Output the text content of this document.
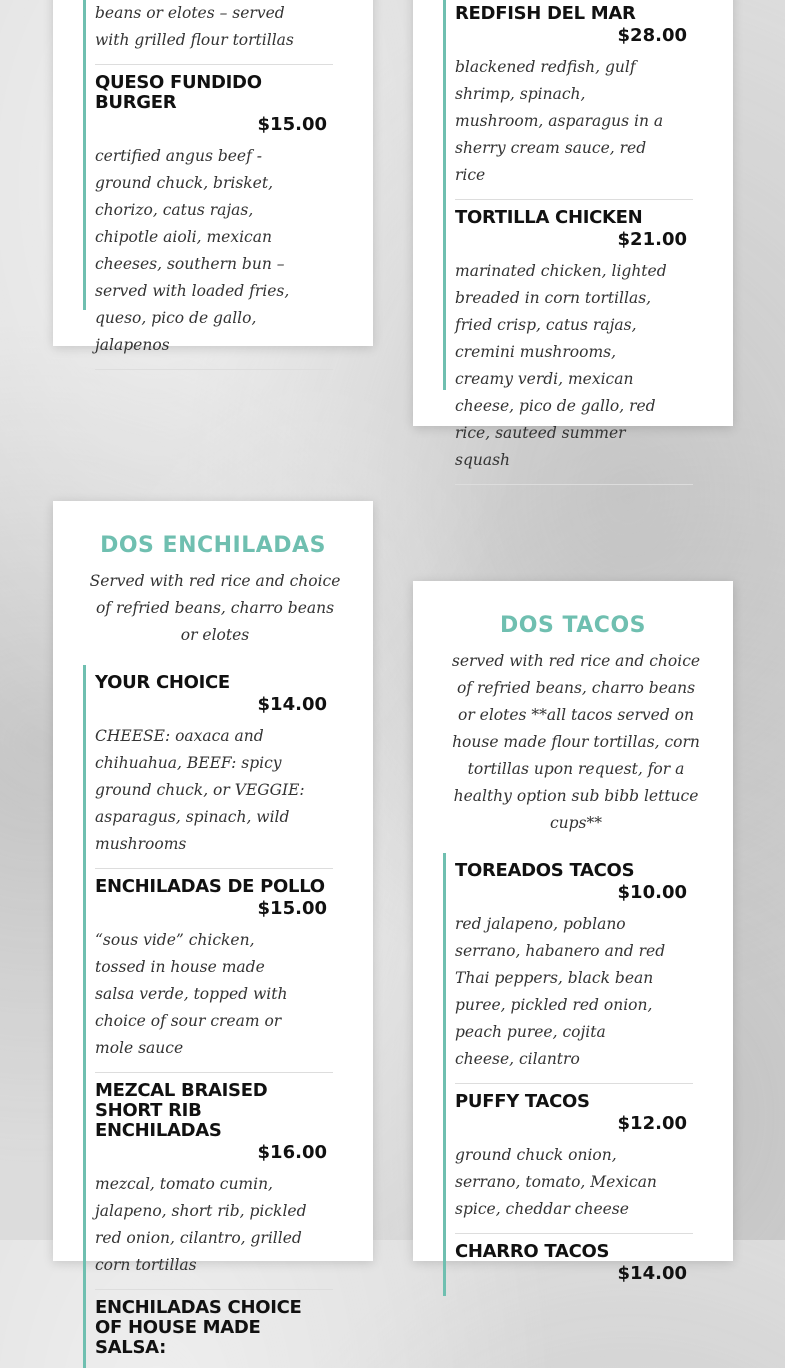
beans or elotes – served with grilled flour tortillas
QUESO FUNDIDO BURGER
$15.00
certified angus beef - ground chuck, brisket, chorizo, catus rajas, chipotle aioli, mexican cheeses, southern bun – served with loaded fries, queso, pico de gallo, jalapenos
REDFISH DEL MAR
$28.00
blackened redfish, gulf shrimp, spinach, mushroom, asparagus in a sherry cream sauce, red rice
TORTILLA CHICKEN
$21.00
marinated chicken, lighted breaded in corn tortillas, fried crisp, catus rajas, cremini mushrooms, creamy verdi, mexican cheese, pico de gallo, red rice, sauteed summer squash
DOS ENCHILADAS
Served with red rice and choice of refried beans, charro beans or elotes
YOUR CHOICE
$14.00
CHEESE: oaxaca and chihuahua, BEEF: spicy ground chuck, or VEGGIE: asparagus, spinach, wild mushrooms
ENCHILADAS DE POLLO
$15.00
“sous vide” chicken, tossed in house made salsa verde, topped with choice of sour cream or mole sauce
MEZCAL BRAISED SHORT RIB ENCHILADAS
$16.00
mezcal, tomato cumin, jalapeno, short rib, pickled red onion, cilantro, grilled corn tortillas
ENCHILADAS CHOICE OF HOUSE MADE SALSA:
DOS TACOS
served with red rice and choice of refried beans, charro beans or elotes **all tacos served on house made flour tortillas, corn tortillas upon request, for a healthy option sub bibb lettuce cups**
TOREADOS TACOS
$10.00
red jalapeno, poblano serrano, habanero and red Thai peppers, black bean puree, pickled red onion, peach puree, cojita cheese, cilantro
PUFFY TACOS
$12.00
ground chuck onion, serrano, tomato, Mexican spice, cheddar cheese
CHARRO TACOS
$14.00
